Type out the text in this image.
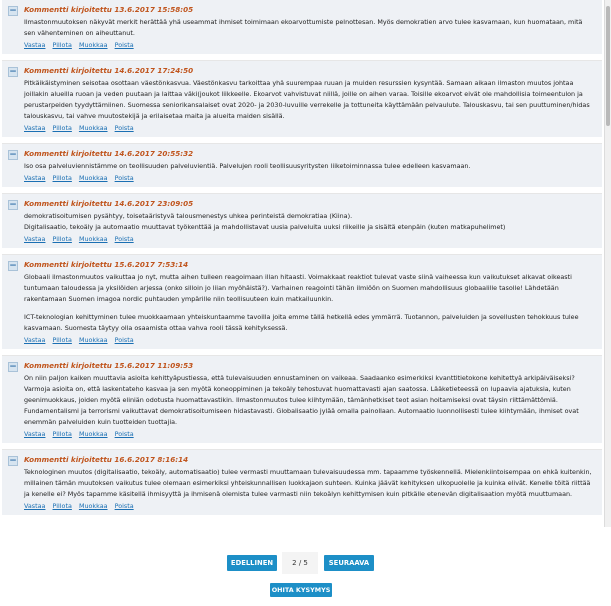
− Kommentti kirjoitettu 13.6.2017 15:58:05
Ilmastonmuutoksen näkyvät merkit herättää yhä useammat ihmiset toimimaan ekoarvottumiste pelnottesan. Myös demokratien arvo tulee kasvamaan, kun huomataan, mitä sen vähenteminen on aiheuttanut.
Vastaa Pillota Muokkaa Poista
− Kommentti kirjoitettu 14.6.2017 17:24:50
Pitkäikäistyminen seisotaa osottaan väestönkasvua. Väestönkasvu tarkoittaa yhä suurempaa ruuan ja muiden resurssien kysyntää. Samaan aikaan ilmaston muutos johtaa joillakin alueilla ruoan ja veden puutaan ja laittaa väki(joukot liikkeelle. Ekoarvot vahvistuvat niillä, joille on aihen varaa. Toisille ekoarvot eivät ole mahdollisia toimeentulon ja perustarpeiden tyydyttämiinen. Suomessa seniorikansalaiset ovat 2020- ja 2030-luvuille verrekelle ja tottuneita käyttämään pelvaulute. Talouskasvu, tai sen puuttuminen/hidas talouskasvu, tai vahve muutostekijä ja erilaisetaa maita ja alueita maiden sisällä.
Vastaa Pillota Muokkaa Poista
− Kommentti kirjoitettu 14.6.2017 20:55:32
Iso osa palveluviennistämme on teollisuuden palveluvientiä. Palvelujen rooli teollisuusyritysten liiketoiminnassa tulee edelleen kasvamaan.
Vastaa Pillota Muokkaa Poista
− Kommentti kirjoitettu 14.6.2017 23:09:05
demokratisoitumisen pysähtyy, toisetaäristyvä talousmenestys uhkea perinteistä demokratiaa (Kiina).
Digitalisaatio, tekoäly ja automaatio muuttavat työkenttää ja mahdollistavat uusia palveluita uuksi riikeille ja sisältä etenpäin (kuten matkapuhelimet)
Vastaa Pillota Muokkaa Poista
− Kommentti kirjoitettu 15.6.2017 7:53:14
Globaali ilmastonmuutos vaikuttaa jo nyt, mutta aihen tulleen reagoimaan illan hitaasti. Voimakkaat reaktiot tulevat vaste siinä vaiheessa kun vaikutukset alkavat oikeasti tuntumaan taloudessa ja yksilöiden arjessa (onko silloin jo liian myöhäistä?). Varhainen reagointi tähän ilmiöön on Suomen mahdollisuus globaalille tasolle! Lähdetään rakentamaan Suomen imagoa nordic puhtauden ympärille niin teollisuuteen kuin matkailuunkin.
ICT-teknologian kehittyminen tulee muokkaamaan yhteiskuntaamme tavoilla joita emme tällä hetkellä edes ymmärrä. Tuotannon, palveluiden ja sovellusten tehokkuus tulee kasvamaan. Suomesta täytyy olla osaamista ottaa vahva rooli tässä kehityksessä.
Vastaa Pillota Muokkaa Poista
− Kommentti kirjoitettu 15.6.2017 11:09:53
On niin paljon kaiken muuttavia asioita kehittyäpustiessa, että tulevaisuuden ennustaminen on vaikeaa. Saadaanko esimerkiksi kvanttitietokone kehitettyä arkipäiväiseksi? Varmoja asioita on, että laskentateho kasvaa ja sen myötä koneoppiminen ja tekoäly tehostuvat huomattavasti ajan saatossa. Lääketieteessä on lupaavia ajatuksia, kuten geenimuokkaus, joiden myötä eliniän odotusta huomattavastikin. Ilmastonmuutos tulee kiihtymään, tämänhetkiset teot asian hoitamiseksi ovat täysin riittämättömiä. Fundamentalismi ja terrorismi vaikuttavat demokratisoitumiseen hidastavasti. Globalisaatio jylää omalla painollaan. Automaatio luonnollisesti tulee kiihtymään, ihmiset ovat enemmän palveluiden kuin tuotteiden tuottajia.
Vastaa Pillota Muokkaa Poista
− Kommentti kirjoitettu 16.6.2017 8:16:14
Teknologinen muutos (digitalisaatio, tekoäly, automatisaatio) tulee vermasti muuttamaan tulevaisuudessa mm. tapaamme työskennellä. Mielenkiintoisempaa on ehkä kuitenkin, millainen tämän muutoksen vaikutus tulee olemaan esimerkiksi yhteiskunnallisen luokkajaon suhteen. Kuinka jäävät kehityksen ulkopuolelle ja kuinka elivät. Kenelle töitä riittää ja kenelle ei? Myös tapamme käsitellä ihmisyyttä ja ihmisenä olemista tulee varmasti niin tekoälyn kehittymisen kuin pitkälle etenevän digitalisaation myötä muuttumaan.
Vastaa Pillota Muokkaa Poista
EDELLINEN	2 / 5	SEURAAVA
OHITA KYSYMYS
